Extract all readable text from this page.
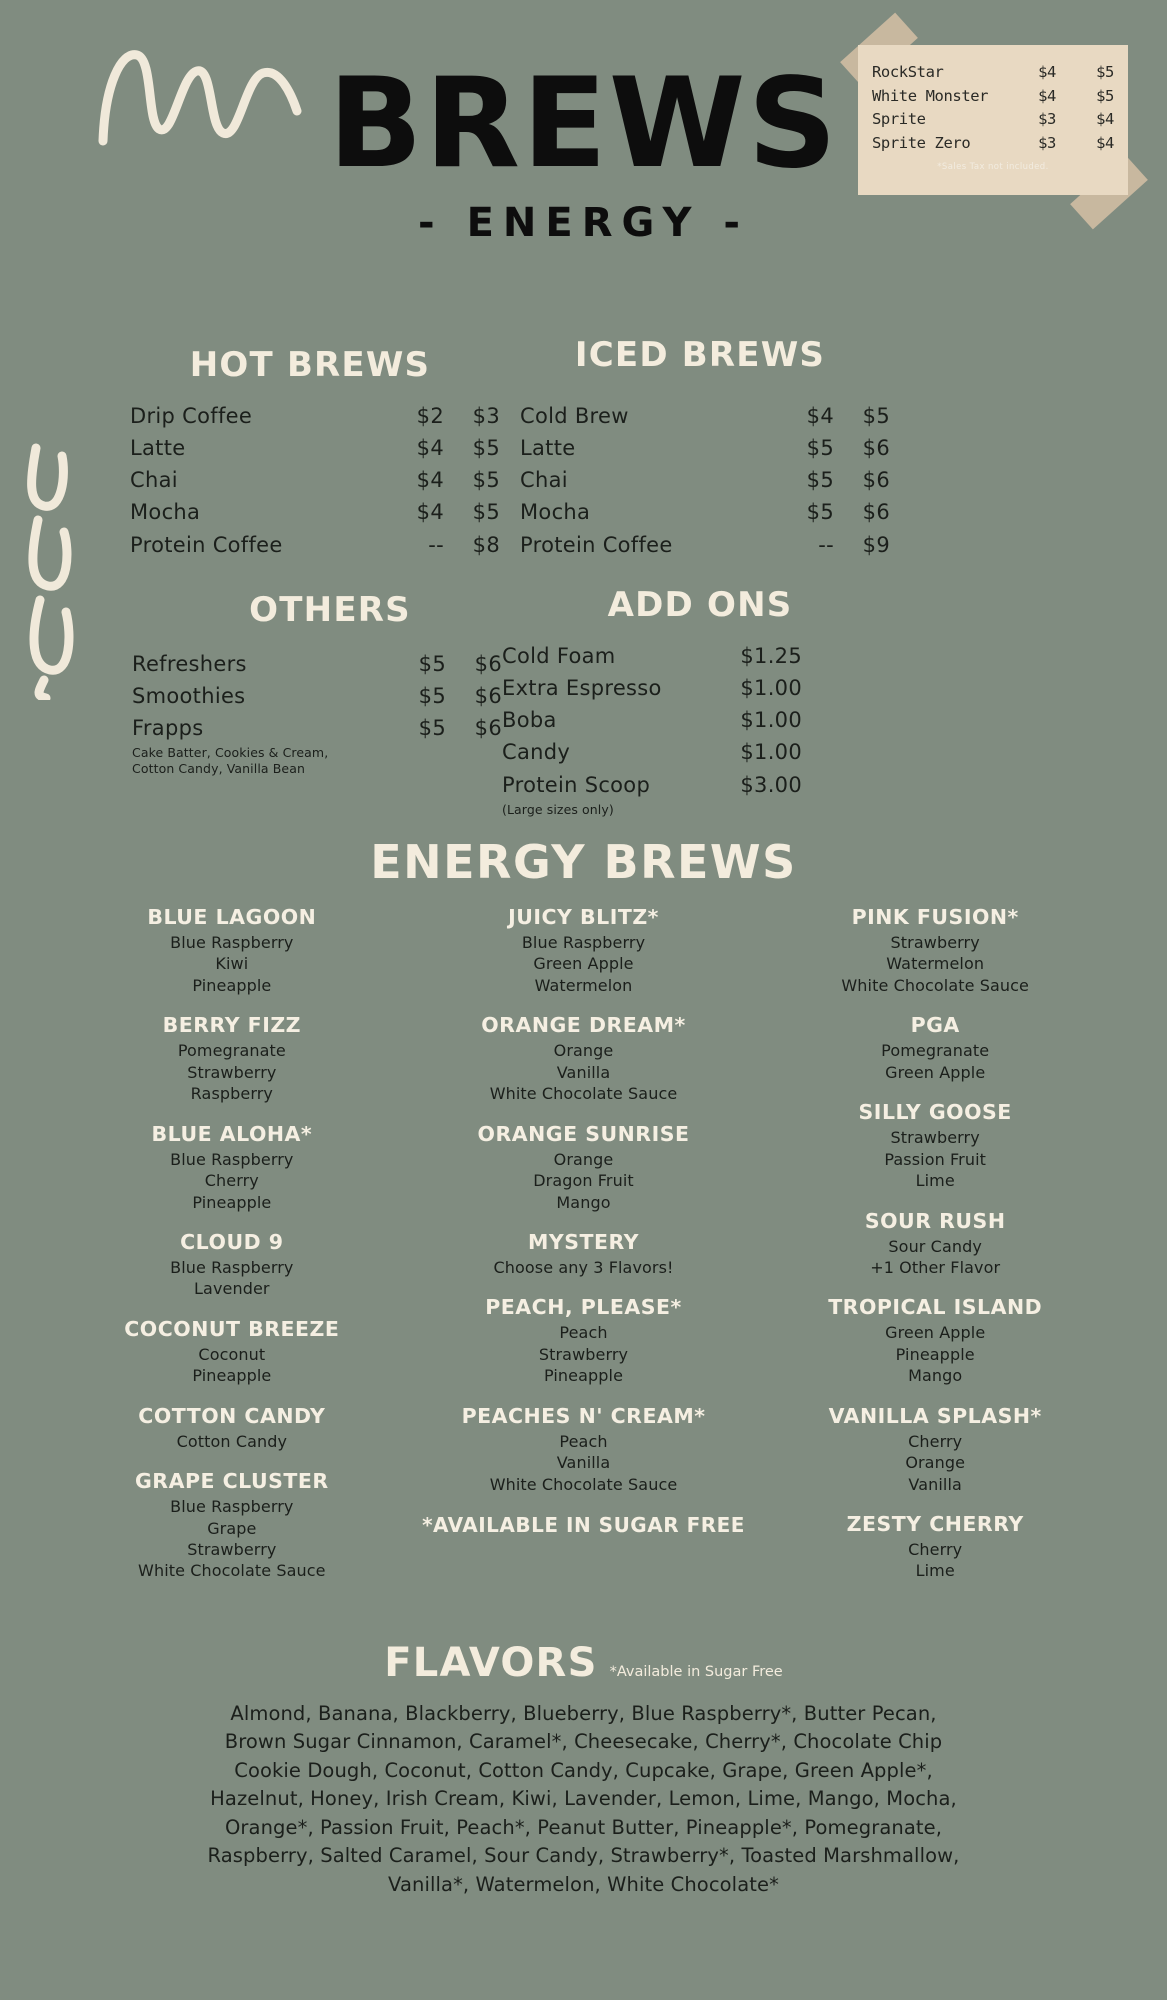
RockStar	$4	$5
White Monster	$4	$5
Sprite	$3	$4
Sprite Zero	$3	$4
*Sales Tax not included.
BREWS
- ENERGY -
HOT BREWS
Drip Coffee	$2	$3
Latte	$4	$5
Chai	$4	$5
Mocha	$4	$5
Protein Coffee	--	$8
ICED BREWS
Cold Brew	$4	$5
Latte	$5	$6
Chai	$5	$6
Mocha	$5	$6
Protein Coffee	--	$9
OTHERS
Refreshers	$5	$6
Smoothies	$5	$6
Frapps	$5	$6
Cake Batter, Cookies & Cream,
Cotton Candy, Vanilla Bean
ADD ONS
Cold Foam	$1.25
Extra Espresso	$1.00
Boba	$1.00
Candy	$1.00
Protein Scoop	$3.00
(Large sizes only)
ENERGY BREWS
BLUE LAGOON
Blue Raspberry
Kiwi
Pineapple
BERRY FIZZ
Pomegranate
Strawberry
Raspberry
BLUE ALOHA*
Blue Raspberry
Cherry
Pineapple
CLOUD 9
Blue Raspberry
Lavender
COCONUT BREEZE
Coconut
Pineapple
COTTON CANDY
Cotton Candy
GRAPE CLUSTER
Blue Raspberry
Grape
Strawberry
White Chocolate Sauce
JUICY BLITZ*
Blue Raspberry
Green Apple
Watermelon
ORANGE DREAM*
Orange
Vanilla
White Chocolate Sauce
ORANGE SUNRISE
Orange
Dragon Fruit
Mango
MYSTERY
Choose any 3 Flavors!
PEACH, PLEASE*
Peach
Strawberry
Pineapple
PEACHES N' CREAM*
Peach
Vanilla
White Chocolate Sauce
*AVAILABLE IN SUGAR FREE
PINK FUSION*
Strawberry
Watermelon
White Chocolate Sauce
PGA
Pomegranate
Green Apple
SILLY GOOSE
Strawberry
Passion Fruit
Lime
SOUR RUSH
Sour Candy
+1 Other Flavor
TROPICAL ISLAND
Green Apple
Pineapple
Mango
VANILLA SPLASH*
Cherry
Orange
Vanilla
ZESTY CHERRY
Cherry
Lime
FLAVORS *Available in Sugar Free
Almond, Banana, Blackberry, Blueberry, Blue Raspberry*, Butter Pecan,
Brown Sugar Cinnamon, Caramel*, Cheesecake, Cherry*, Chocolate Chip
Cookie Dough, Coconut, Cotton Candy, Cupcake, Grape, Green Apple*,
Hazelnut, Honey, Irish Cream, Kiwi, Lavender, Lemon, Lime, Mango, Mocha,
Orange*, Passion Fruit, Peach*, Peanut Butter, Pineapple*, Pomegranate,
Raspberry, Salted Caramel, Sour Candy, Strawberry*, Toasted Marshmallow,
Vanilla*, Watermelon, White Chocolate*
